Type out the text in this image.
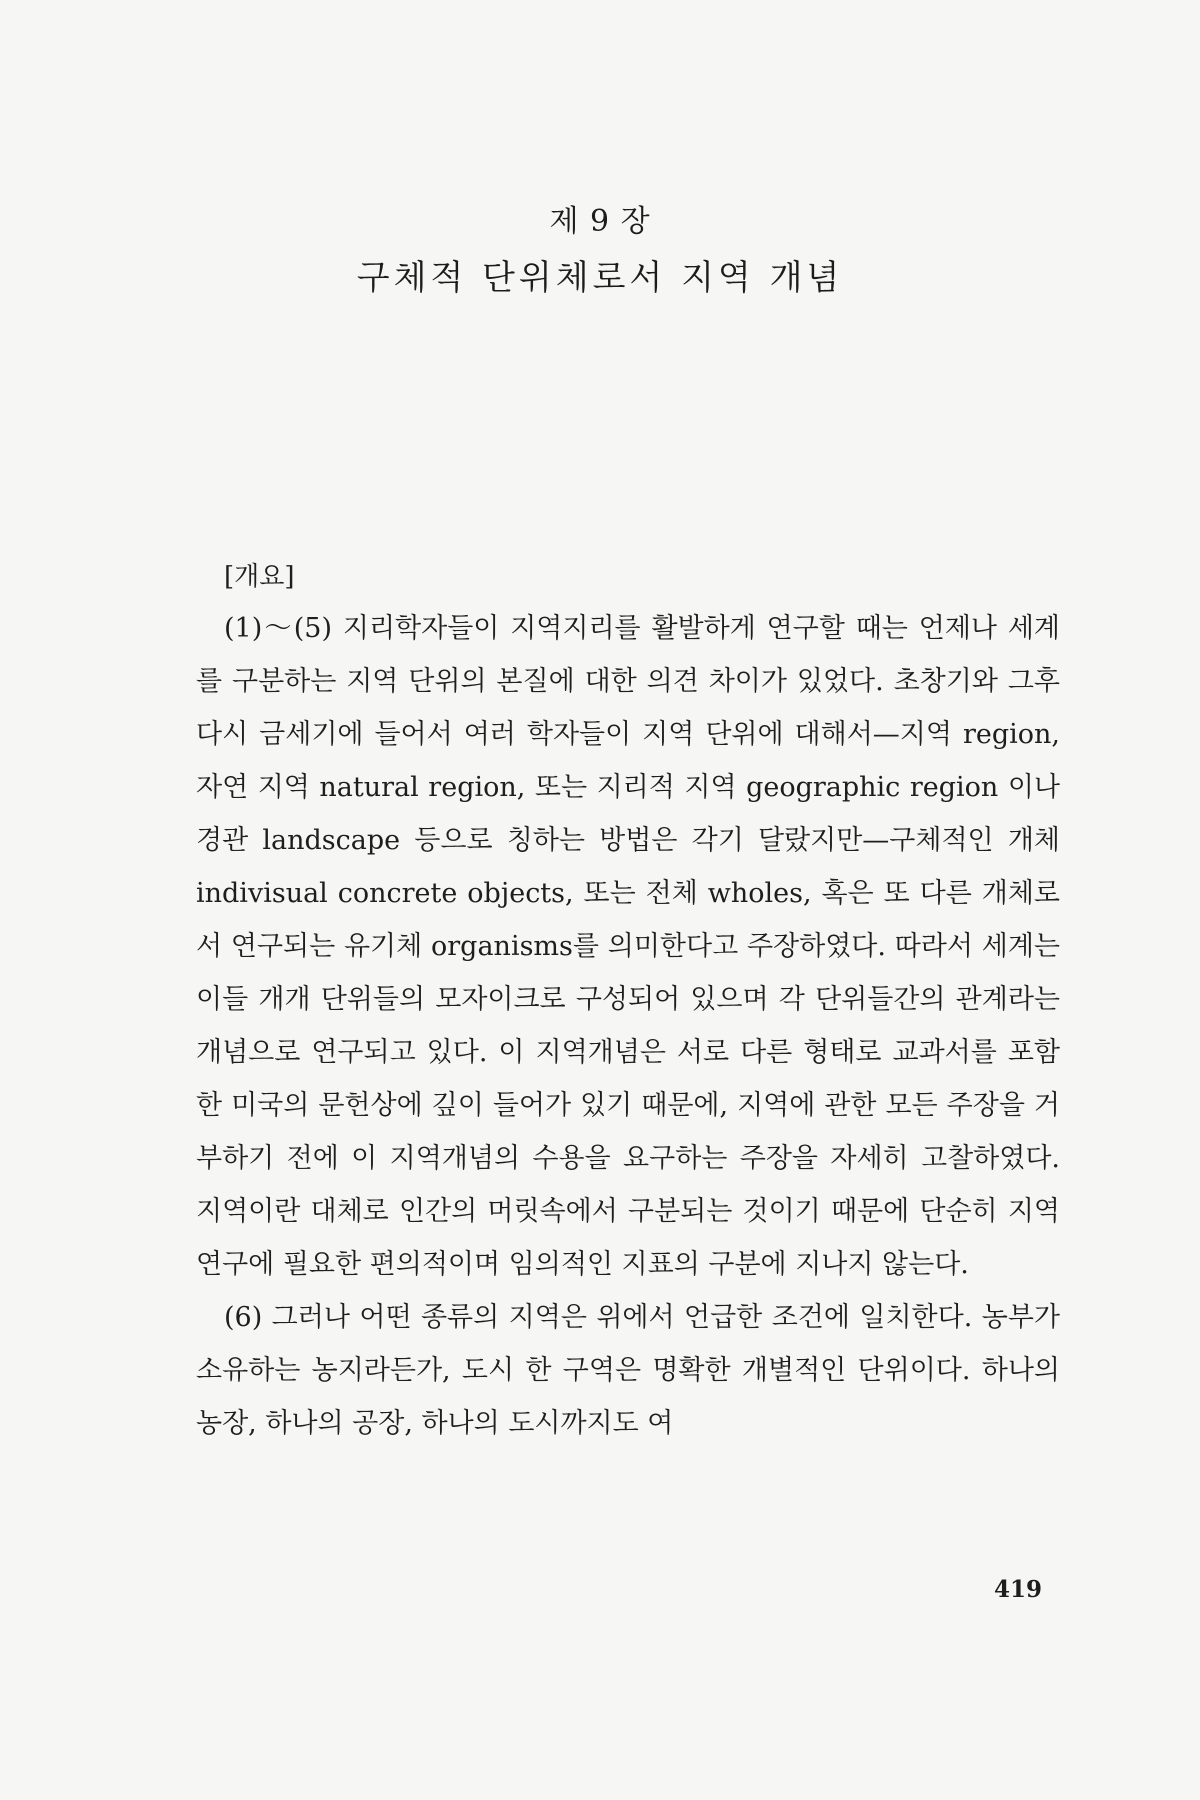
제 9 장
구체적 단위체로서 지역 개념
[개요]

(1)～(5) 지리학자들이 지역지리를 활발하게 연구할 때는 언제나 세계를 구분하는 지역 단위의 본질에 대한 의견 차이가 있었다. 초창기와 그후 다시 금세기에 들어서 여러 학자들이 지역 단위에 대해서—지역 region, 자연 지역 natural region, 또는 지리적 지역 geographic region 이나 경관 landscape 등으로 칭하는 방법은 각기 달랐지만—구체적인 개체 indivisual concrete objects, 또는 전체 wholes, 혹은 또 다른 개체로서 연구되는 유기체 organisms를 의미한다고 주장하였다. 따라서 세계는 이들 개개 단위들의 모자이크로 구성되어 있으며 각 단위들간의 관계라는 개념으로 연구되고 있다. 이 지역개념은 서로 다른 형태로 교과서를 포함한 미국의 문헌상에 깊이 들어가 있기 때문에, 지역에 관한 모든 주장을 거부하기 전에 이 지역개념의 수용을 요구하는 주장을 자세히 고찰하였다. 지역이란 대체로 인간의 머릿속에서 구분되는 것이기 때문에 단순히 지역 연구에 필요한 편의적이며 임의적인 지표의 구분에 지나지 않는다.

(6) 그러나 어떤 종류의 지역은 위에서 언급한 조건에 일치한다. 농부가 소유하는 농지라든가, 도시 한 구역은 명확한 개별적인 단위이다. 하나의 농장, 하나의 공장, 하나의 도시까지도 여

419
